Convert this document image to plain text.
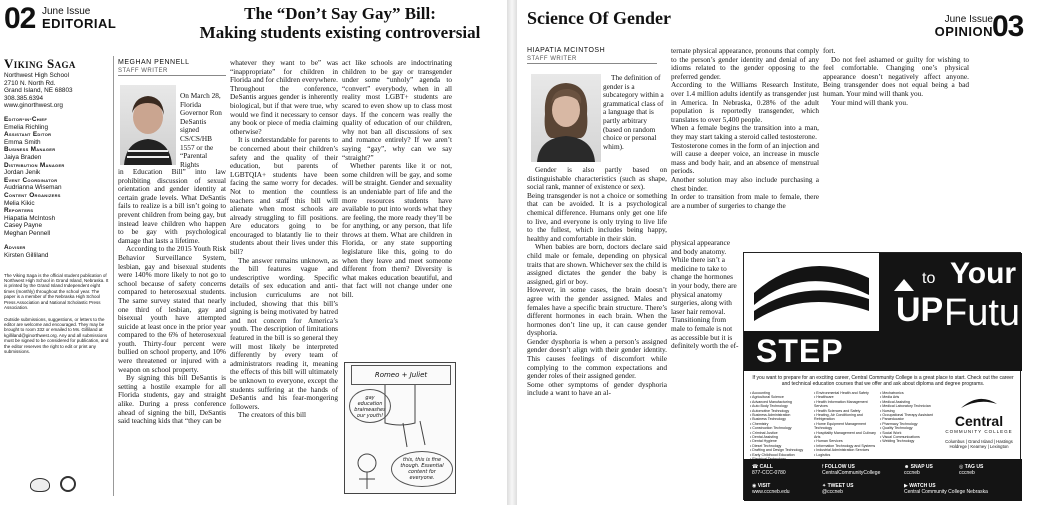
02 June Issue
EDITORIAL
The “Don’t Say Gay” Bill:
Making students existing controversial
Viking Saga
Northwest High School
2710 N. North Rd.
Grand Island, NE 68803
308.385.6394
www.ginorthwest.org
Editor-in-Chief
Emelia Richling
Assistant Editor
Emma Smith
Business Manager
Jaiya Braden
Distribution Manager
Jordan Jenik
Event Coordinator
Audrianna Wiseman
Content Organizers
Melia Kikic
Reporters
Hiapatia McIntosh
Casey Payne
Meghan Pennell
Adviser
Kirsten Gilliland
The Viking Saga is the official student publication of Northwest High School in Grand Island, Nebraska. It is printed by the Grand Island Independent eight times (monthly) throughout the school year. The paper is a member of the Nebraska High School Press Association and National Scholastic Press Association.
Outside submissions, suggestions, or letters to the editor are welcome and encouraged. They may be brought to room 332 or emailed to Ms. Gilliland at kgilliland@ginorthwest.org. Any and all submissions must be signed to be considered for publication, and the editor reserves the right to edit or print any submissions.
MEGHAN PENNELL
STAFF WRITER
On March 28, Florida Governor Ron DeSantis signed CS/CS/HB 1557 or the “Parental Rights

in Education Bill” into law prohibiting discussion of sexual orientation and gender identity at certain grade levels. What DeSantis fails to realize is a bill isn’t going to prevent children from being gay, but instead leave children who happen to be gay with psychological damage that lasts a lifetime.

According to the 2015 Youth Risk Behavior Surveillance System, lesbian, gay and bisexual students were 140% more likely to not go to school because of safety concerns compared to heterosexual students. The same survey stated that nearly one third of lesbian, gay and bisexual youth have attempted suicide at least once in the prior year compared to the 6% of heterosexual youth. Thirty-four percent were bullied on school property, and 10% were threatened or injured with a weapon on school property.

By signing this bill DeSantis is setting a hostile example for all Florida students, gay and straight alike. During a press conference ahead of signing the bill, DeSantis said teaching kids that “they can be

whatever they want to be” was “inappropriate” for children in Florida and for children everywhere. Throughout the conference, DeSantis argues gender is inherently biological, but if that were true, why would we find it necessary to censor any book or piece of media claiming otherwise?

It is understandable for parents to be concerned about their children’s safety and the quality of their education, but parents of LGBTQIA+ students have been facing the same worry for decades. Not to mention the countless teachers and staff this bill will alienate when most schools are already struggling to fill positions. Are educators going to be encouraged to blatantly lie to their students about their lives under this bill?

The answer remains unknown, as the bill features vague and undescriptive wording. Specific details of sex education and anti-inclusion curriculums are not included, showing that this bill’s signing is being motivated by hatred and not concern for America’s youth. The description of limitations featured in the bill is so general they will most likely be interpreted differently by every team of administrators reading it, meaning the effects of this bill will ultimately be unknown to everyone, except the students suffering at the hands of DeSantis and his fear-mongering followers.

The creators of this bill

act like schools are indoctrinating children to be gay or transgender under some “unholy” agenda to “convert” everybody, when in all reality most LGBT+ students are scared to even show up to class most days. If the concern was really the quality of education of our children, why not ban all discussions of sex and romance entirely? If we aren’t saying “gay”, why can we say “straight?”

Whether parents like it or not, some children will be gay, and some will be straight. Gender and sexuality is an undeniable part of life and the more resources students have available to put into words what they are feeling, the more ready they’ll be for anything, or any person, that life throws at them. What are children in Florida, or any state supporting legislature like this, going to do when they leave and meet someone different from them? Diversity is what makes education beautiful, and that fact will not change under one bill.

Romeo + Juliet
gay education brainwashes our youth!
this, this is fine though. Essential content for everyone.
Science Of Gender	June Issue
OPINION 03
HIAPATIA MCINTOSH
STAFF WRITER

The definition of gender is a subcategory within a grammatical class of a language that is partly arbitrary (based on random choice or personal whim).

Gender is also partly based on distinguishable characteristics (such as shape, social rank, manner of existence or sex).

Being transgender is not a choice or something that can be avoided. It is a psychological chemical difference. Humans only get one life to live, and everyone is only trying to live life to the fullest, which includes being happy, healthy and comfortable in their skin.

When babies are born, doctors declare said child male or female, depending on physical traits that are shown. Whichever sex the child is assigned dictates the gender the baby is assigned, girl or boy.

However, in some cases, the brain doesn’t agree with the gender assigned. Males and females have a specific brain structure. There’s different hormones in each brain. When the hormones don’t line up, it can cause gender dysphoria.

Gender dysphoria is when a person’s assigned gender doesn’t align with their gender identity. This causes feelings of discomfort while complying to the common expectations and gender roles of their assigned gender.

Some other symptoms of gender dysphoria include a want to have an al-

ternate physical appearance, pronouns that comply to the person’s gender identity and denial of any idioms related to the gender opposing to the preferred gender.

According to the Williams Research Institute, over 1.4 million adults identify as transgender just in America. In Nebraska, 0.28% of the adult population is reportedly transgender, which translates to over 5,400 people.

When a female begins the transition into a man, they may start taking a steroid called testosterone.

Testosterone comes in the form of an injection and will cause a deeper voice, an increase in muscle mass and body hair, and an absence of menstrual periods.

Another solution may also include purchasing a chest binder.

In order to transition from male to female, there are a number of surgeries to change the

physical appearance and body anatomy. While there isn’t a medicine to take to change the hormones in your body, there are physical anatomy surgeries, along with laser hair removal. Transitioning from male to female is not as accessible but it is definitely worth the ef-

fort.

Do not feel ashamed or guilty for wishing to feel comfortable. Changing one’s physical appearance doesn’t negatively affect anyone. Being transgender does not equal being a bad human. Your mind will thank you.

Your mind will thank you.

STEP
UP
to Your
Future
If you want to prepare for an exciting career, Central Community College is a great place to start. Check out the career and technical education courses that we offer and ask about diploma and degree programs.
• Accounting
• Agricultural Science
• Advanced Manufacturing
• Auto Body Technology
• Automotive Technology
• Business Administration
• Business Technology
• Chemistry
• Construction Technology
• Criminal Justice
• Dental Assisting
• Dental Hygiene
• Diesel Technology
• Drafting and Design Technology
• Early Childhood Education
• Environmental Health and Safety
• Healthcare
• Health Information Management Services
• Health Sciences and Safety
• Heating, Air Conditioning and Refrigeration
• Home Equipment Management Technology
• Hospitality Management and Culinary Arts
• Human Services
• Information Technology and Systems
• Industrial Administration Services
• Logistics
• Mechatronics
• Media Arts
• Medical Assisting
• Medical Laboratory Technician
• Nursing
• Occupational Therapy Assistant
• Paraeducator
• Pharmacy Technology
• Quality Technology
• Social Work
• Visual Communications
• Welding Technology
Central
COMMUNITY COLLEGE
Columbus | Grand Island | Hastings
Holdrege | Kearney | Lexington
☎ CALL
877-CCC-0780
◉ VISIT
www.cccneb.edu
f FOLLOW US
CentralCommunityCollege
✦ TWEET US
@cccneb
☻ SNAP US
cccneb
◎ TAG US
cccneb
▶ WATCH US
Central Community College Nebraska
